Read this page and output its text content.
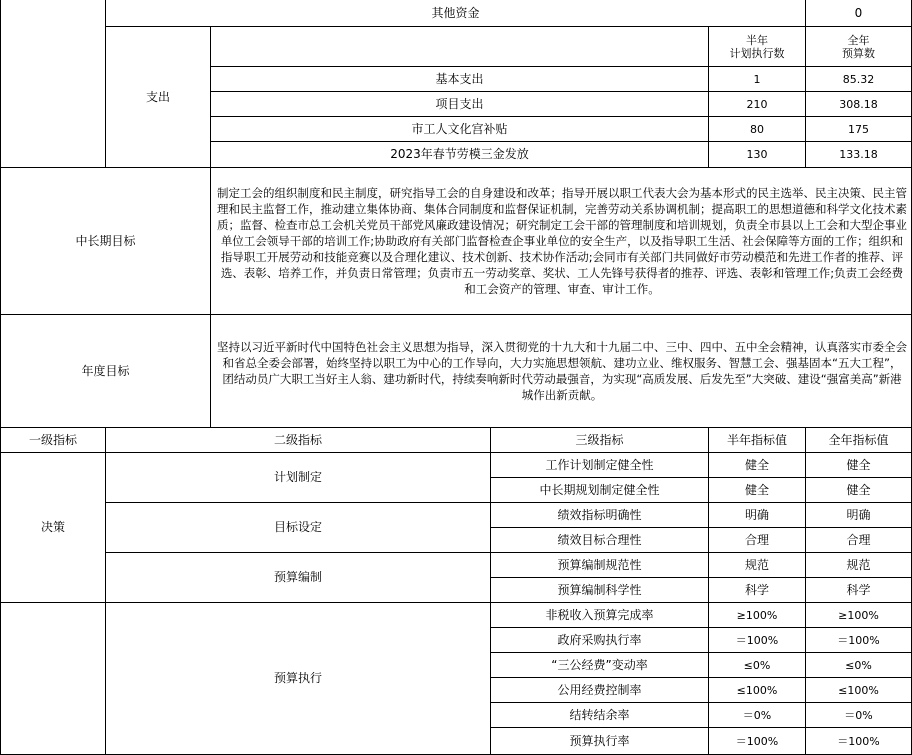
其他资金	0
支出
半年
计划执行数
全年
预算数
基本支出	1	85.32
项目支出	210	308.18
市工人文化宫补贴	80	175
2023年春节劳模三金发放	130	133.18
中长期目标
制定工会的组织制度和民主制度，研究指导工会的自身建设和改革；指导开展以职工代表大会为基本形式的民主选举、民主决策、民主管理和民主监督工作，推动建立集体协商、集体合同制度和监督保证机制，完善劳动关系协调机制；提高职工的思想道德和科学文化技术素质；监督、检查市总工会机关党员干部党风廉政建设情况；研究制定工会干部的管理制度和培训规划，负责全市县以上工会和大型企事业单位工会领导干部的培训工作;协助政府有关部门监督检查企事业单位的安全生产，以及指导职工生活、社会保障等方面的工作；组织和指导职工开展劳动和技能竞赛以及合理化建议、技术创新、技术协作活动;会同市有关部门共同做好市劳动模范和先进工作者的推荐、评选、表彰、培养工作，并负责日常管理；负责市五一劳动奖章、奖状、工人先锋号获得者的推荐、评选、表彰和管理工作;负责工会经费和工会资产的管理、审查、审计工作。
年度目标
坚持以习近平新时代中国特色社会主义思想为指导，深入贯彻党的十九大和十九届二中、三中、四中、五中全会精神，认真落实市委全会和省总全委会部署，始终坚持以职工为中心的工作导向，大力实施思想领航、建功立业、维权服务、智慧工会、强基固本“五大工程”，团结动员广大职工当好主人翁、建功新时代，持续奏响新时代劳动最强音，为实现“高质发展、后发先至”大突破、建设“强富美高”新港城作出新贡献。
一级指标	二级指标	三级指标	半年指标值	全年指标值
决策
计划制定
工作计划制定健全性	健全	健全
中长期规划制定健全性	健全	健全
目标设定
绩效指标明确性	明确	明确
绩效目标合理性	合理	合理
预算编制
预算编制规范性	规范	规范
预算编制科学性	科学	科学
预算执行
非税收入预算完成率	≥100%	≥100%
政府采购执行率	＝100%	＝100%
“三公经费”变动率	≤0%	≤0%
公用经费控制率	≤100%	≤100%
结转结余率	＝0%	＝0%
预算执行率	＝100%	＝100%
